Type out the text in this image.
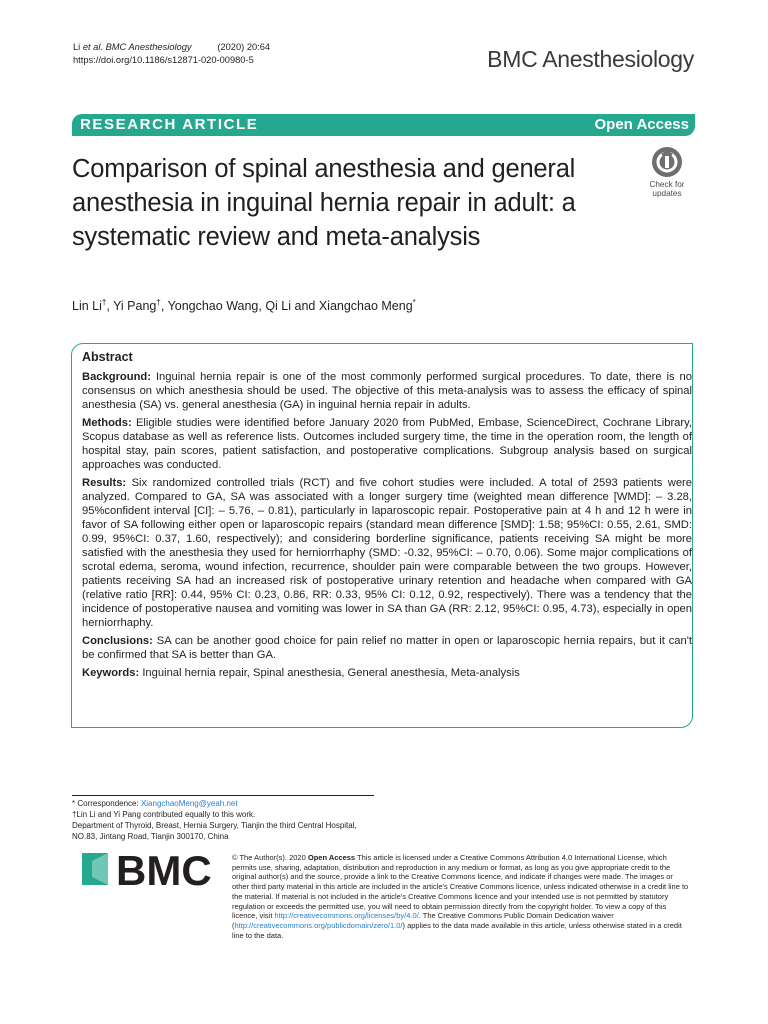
Li et al. BMC Anesthesiology	(2020) 20:64
https://doi.org/10.1186/s12871-020-00980-5	BMC Anesthesiology
RESEARCH ARTICLE	Open Access
Comparison of spinal anesthesia and general anesthesia in inguinal hernia repair in adult: a systematic review and meta-analysis
Check for
updates
Lin Li†, Yi Pang†, Yongchao Wang, Qi Li and Xiangchao Meng*
Abstract

Background: Inguinal hernia repair is one of the most commonly performed surgical procedures. To date, there is no consensus on which anesthesia should be used. The objective of this meta-analysis was to assess the efficacy of spinal anesthesia (SA) vs. general anesthesia (GA) in inguinal hernia repair in adults.

Methods: Eligible studies were identified before January 2020 from PubMed, Embase, ScienceDirect, Cochrane Library, Scopus database as well as reference lists. Outcomes included surgery time, the time in the operation room, the length of hospital stay, pain scores, patient satisfaction, and postoperative complications. Subgroup analysis based on surgical approaches was conducted.

Results: Six randomized controlled trials (RCT) and five cohort studies were included. A total of 2593 patients were analyzed. Compared to GA, SA was associated with a longer surgery time (weighted mean difference [WMD]: – 3.28, 95%confident interval [CI]: – 5.76, – 0.81), particularly in laparoscopic repair. Postoperative pain at 4 h and 12 h were in favor of SA following either open or laparoscopic repairs (standard mean difference [SMD]: 1.58; 95%CI: 0.55, 2.61, SMD: 0.99, 95%CI: 0.37, 1.60, respectively); and considering borderline significance, patients receiving SA might be more satisfied with the anesthesia they used for herniorrhaphy (SMD: -0.32, 95%CI: – 0.70, 0.06). Some major complications of scrotal edema, seroma, wound infection, recurrence, shoulder pain were comparable between the two groups. However, patients receiving SA had an increased risk of postoperative urinary retention and headache when compared with GA (relative ratio [RR]: 0.44, 95% CI: 0.23, 0.86, RR: 0.33, 95% CI: 0.12, 0.92, respectively). There was a tendency that the incidence of postoperative nausea and vomiting was lower in SA than GA (RR: 2.12, 95%CI: 0.95, 4.73), especially in open herniorrhaphy.

Conclusions: SA can be another good choice for pain relief no matter in open or laparoscopic hernia repairs, but it can't be confirmed that SA is better than GA.

Keywords: Inguinal hernia repair, Spinal anesthesia, General anesthesia, Meta-analysis

* Correspondence: XiangchaoMeng@yeah.net
†Lin Li and Yi Pang contributed equally to this work.
Department of Thyroid, Breast, Hernia Surgery, Tianjin the third Central Hospital, NO.83, Jintang Road, Tianjin 300170, China
BMC	© The Author(s). 2020 Open Access This article is licensed under a Creative Commons Attribution 4.0 International License, which permits use, sharing, adaptation, distribution and reproduction in any medium or format, as long as you give appropriate credit to the original author(s) and the source, provide a link to the Creative Commons licence, and indicate if changes were made. The images or other third party material in this article are included in the article's Creative Commons licence, unless indicated otherwise in a credit line to the material. If material is not included in the article's Creative Commons licence and your intended use is not permitted by statutory regulation or exceeds the permitted use, you will need to obtain permission directly from the copyright holder. To view a copy of this licence, visit http://creativecommons.org/licenses/by/4.0/. The Creative Commons Public Domain Dedication waiver (http://creativecommons.org/publicdomain/zero/1.0/) applies to the data made available in this article, unless otherwise stated in a credit line to the data.
